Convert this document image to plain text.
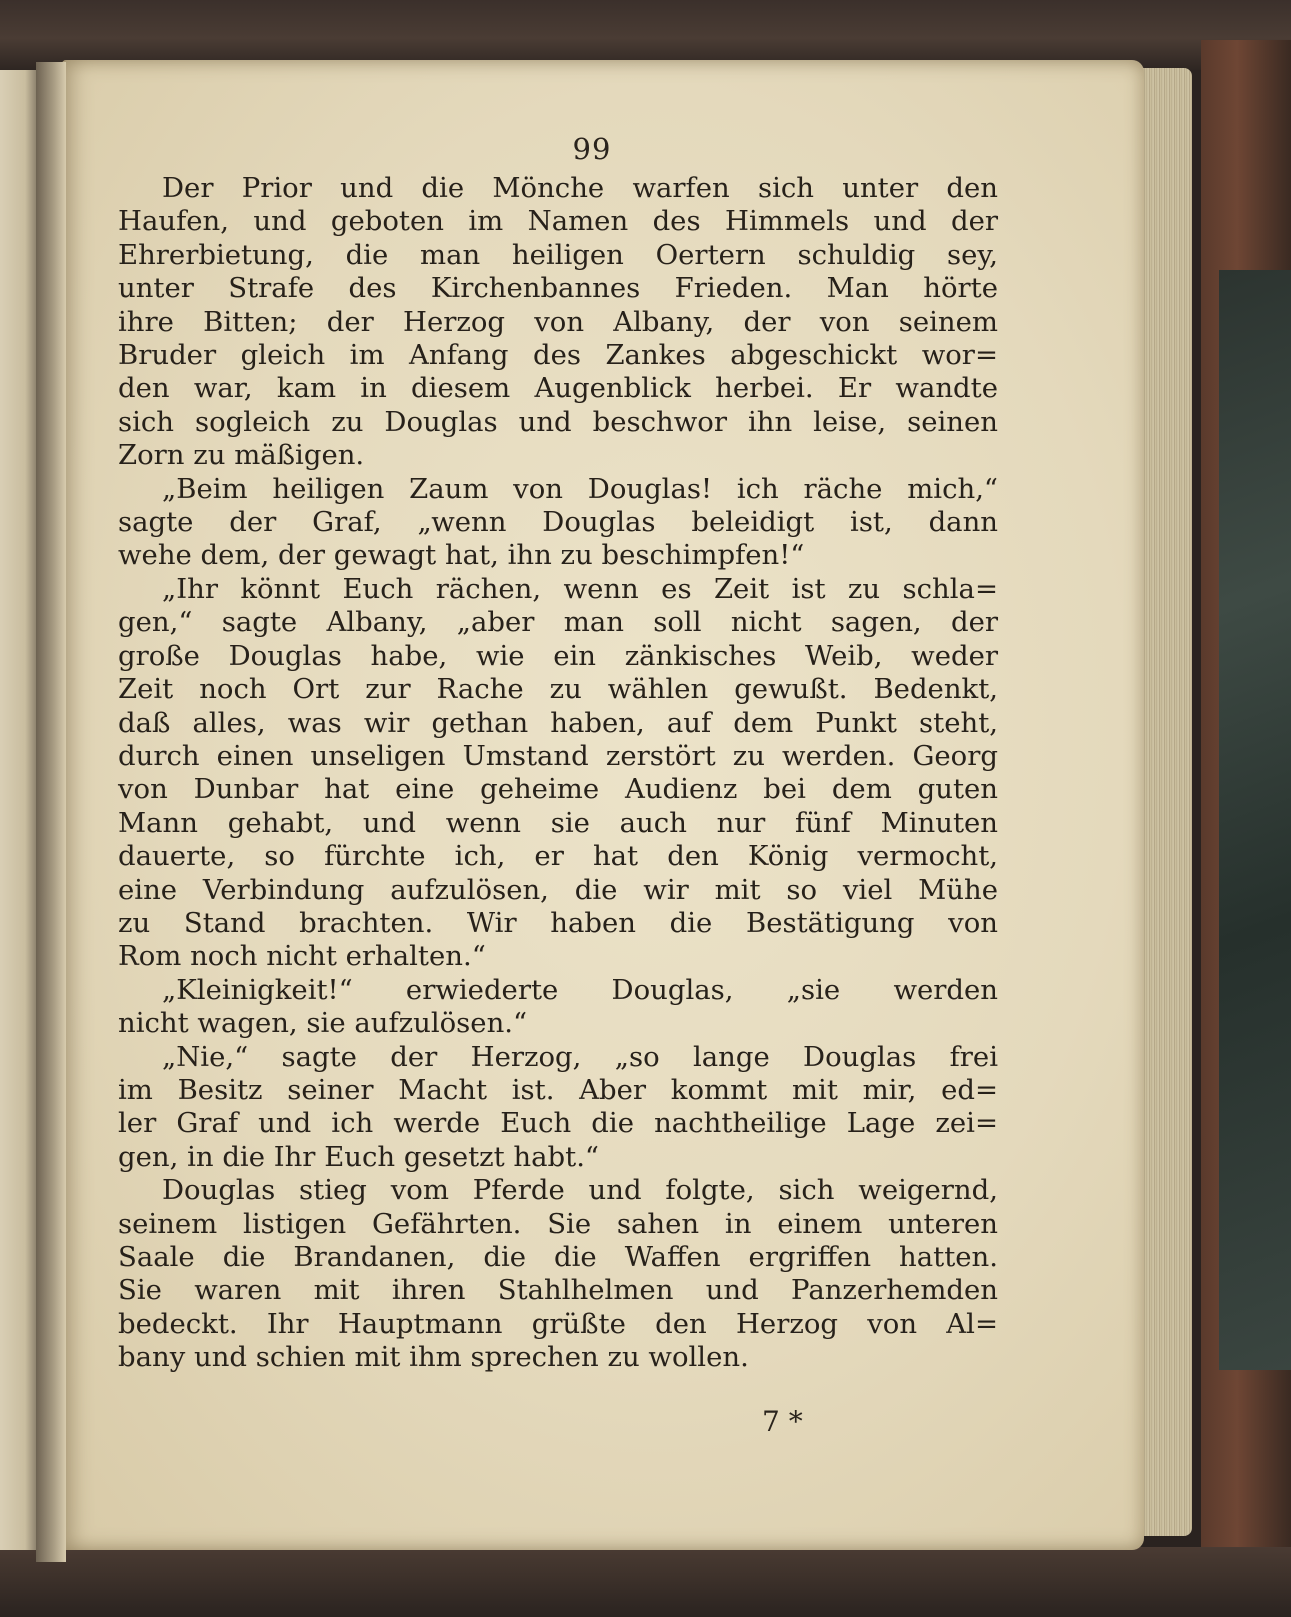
99

Der Prior und die Mönche warfen sich unter den
Haufen, und geboten im Namen des Himmels und der
Ehrerbietung, die man heiligen Oertern schuldig sey,
unter Strafe des Kirchenbannes Frieden. Man hörte
ihre Bitten; der Herzog von Albany, der von seinem
Bruder gleich im Anfang des Zankes abgeschickt wor=
den war, kam in diesem Augenblick herbei. Er wandte
sich sogleich zu Douglas und beschwor ihn leise, seinen
Zorn zu mäßigen.

„Beim heiligen Zaum von Douglas! ich räche mich,“
sagte der Graf, „wenn Douglas beleidigt ist, dann
wehe dem, der gewagt hat, ihn zu beschimpfen!“

„Ihr könnt Euch rächen, wenn es Zeit ist zu schla=
gen,“ sagte Albany, „aber man soll nicht sagen, der
große Douglas habe, wie ein zänkisches Weib, weder
Zeit noch Ort zur Rache zu wählen gewußt. Bedenkt,
daß alles, was wir gethan haben, auf dem Punkt steht,
durch einen unseligen Umstand zerstört zu werden. Georg
von Dunbar hat eine geheime Audienz bei dem guten
Mann gehabt, und wenn sie auch nur fünf Minuten
dauerte, so fürchte ich, er hat den König vermocht,
eine Verbindung aufzulösen, die wir mit so viel Mühe
zu Stand brachten. Wir haben die Bestätigung von
Rom noch nicht erhalten.“

„Kleinigkeit!“ erwiederte Douglas, „sie werden
nicht wagen, sie aufzulösen.“

„Nie,“ sagte der Herzog, „so lange Douglas frei
im Besitz seiner Macht ist. Aber kommt mit mir, ed=
ler Graf und ich werde Euch die nachtheilige Lage zei=
gen, in die Ihr Euch gesetzt habt.“

Douglas stieg vom Pferde und folgte, sich weigernd,
seinem listigen Gefährten. Sie sahen in einem unteren
Saale die Brandanen, die die Waffen ergriffen hatten.
Sie waren mit ihren Stahlhelmen und Panzerhemden
bedeckt. Ihr Hauptmann grüßte den Herzog von Al=
bany und schien mit ihm sprechen zu wollen.

7 *
